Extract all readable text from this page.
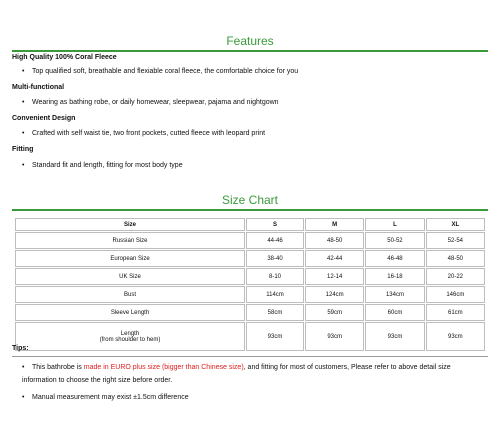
Features
High Quality 100% Coral Fleece
• Top qualified soft, breathable and flexiable coral fleece, the comfortable choice for you
Multi-functional
• Wearing as bathing robe, or daily homewear, sleepwear, pajama and nightgown
Convenient Design
• Crafted with self waist tie, two front pockets, cutted fleece with leopard print
Fitting
• Standard fit and length, fitting for most body type
Size Chart
Size	S	M	L	XL
Russian Size	44-46	48-50	50-52	52-54
European Size	38-40	42-44	46-48	48-50
UK Size	8-10	12-14	16-18	20-22
Bust	114cm	124cm	134cm	146cm
Sleeve Length	58cm	59cm	60cm	61cm
Length
(from shoulder to hem)	93cm	93cm	93cm	93cm
Tips:
• This bathrobe is made in EURO plus size (bigger than Chinese size), and fitting for most of customers, Please refer to above detail size information to choose the right size before order.
• Manual measurement may exist ±1.5cm difference
